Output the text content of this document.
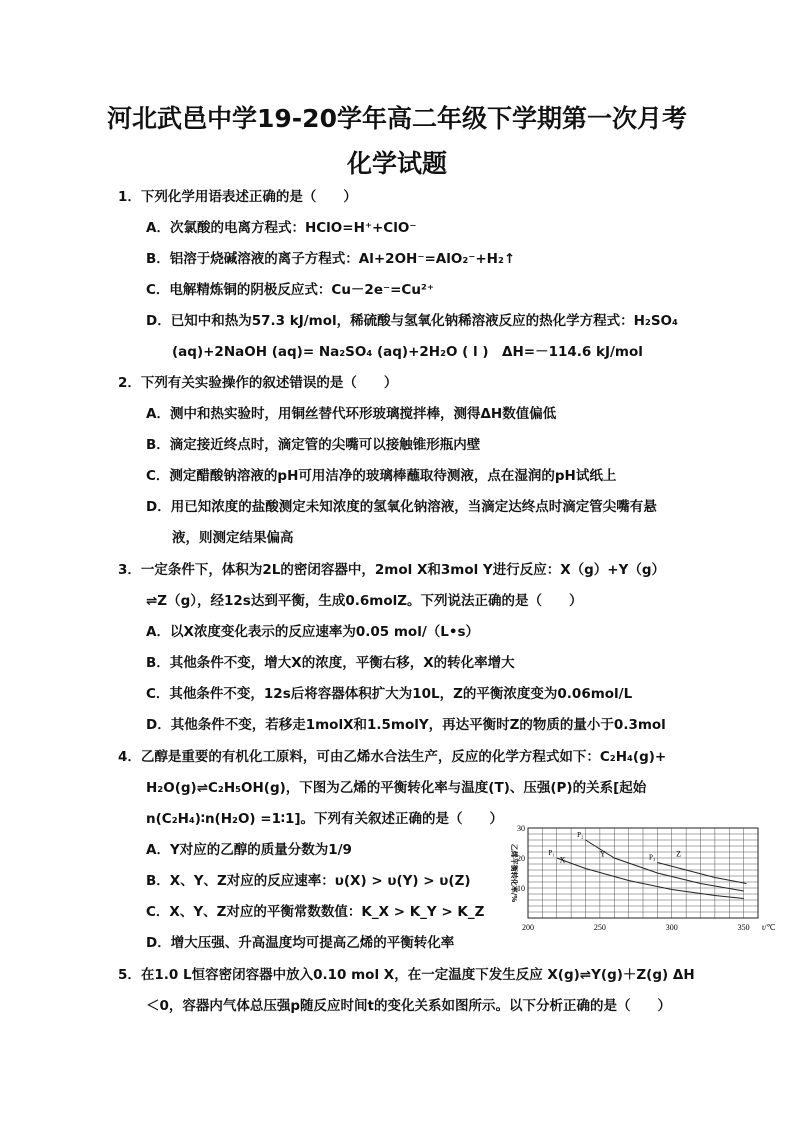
河北武邑中学19-20学年高二年级下学期第一次月考
化学试题
1．下列化学用语表述正确的是（　　）
A．次氯酸的电离方程式：HClO=H⁺+ClO⁻
B．铝溶于烧碱溶液的离子方程式：Al+2OH⁻=AlO₂⁻+H₂↑
C．电解精炼铜的阴极反应式：Cu－2e⁻=Cu²⁺
D．已知中和热为57.3 kJ/mol，稀硫酸与氢氧化钠稀溶液反应的热化学方程式：H₂SO₄
(aq)+2NaOH (aq)= Na₂SO₄ (aq)+2H₂O ( l )　ΔH=－114.6 kJ/mol
2．下列有关实验操作的叙述错误的是（　　）
A．测中和热实验时，用铜丝替代环形玻璃搅拌棒，测得ΔH数值偏低
B．滴定接近终点时，滴定管的尖嘴可以接触锥形瓶内壁
C．测定醋酸钠溶液的pH可用洁净的玻璃棒蘸取待测液，点在湿润的pH试纸上
D．用已知浓度的盐酸测定未知浓度的氢氧化钠溶液，当滴定达终点时滴定管尖嘴有悬
液，则测定结果偏高
3．一定条件下，体积为2L的密闭容器中，2mol X和3mol Y进行反应：X（g）+Y（g）
⇌Z（g），经12s达到平衡，生成0.6molZ。下列说法正确的是（　　）
A．以X浓度变化表示的反应速率为0.05 mol/（L•s）
B．其他条件不变，增大X的浓度，平衡右移，X的转化率增大
C．其他条件不变，12s后将容器体积扩大为10L，Z的平衡浓度变为0.06mol/L
D．其他条件不变，若移走1molX和1.5molY，再达平衡时Z的物质的量小于0.3mol
4．乙醇是重要的有机化工原料，可由乙烯水合法生产，反应的化学方程式如下：C₂H₄(g)+
H₂O(g)⇌C₂H₅OH(g)，下图为乙烯的平衡转化率与温度(T)、压强(P)的关系[起始
n(C₂H₄)∶n(H₂O) =1∶1]。下列有关叙述正确的是（　　）
A．Y对应的乙醇的质量分数为1/9
B．X、Y、Z对应的反应速率：υ(X) > υ(Y) > υ(Z)
C．X、Y、Z对应的平衡常数数值：K_X > K_Y > K_Z
D．增大压强、升高温度均可提高乙烯的平衡转化率
5．在1.0 L恒容密闭容器中放入0.10 mol X，在一定温度下发生反应 X(g)⇌Y(g)＋Z(g) ΔH
＜0，容器内气体总压强p随反应时间t的变化关系如图所示。以下分析正确的是（　　）
200	250	300	350
10
20
30
t/℃
乙烯平衡转化率/%	P₁
P₂
P₃
X
Y	Z
